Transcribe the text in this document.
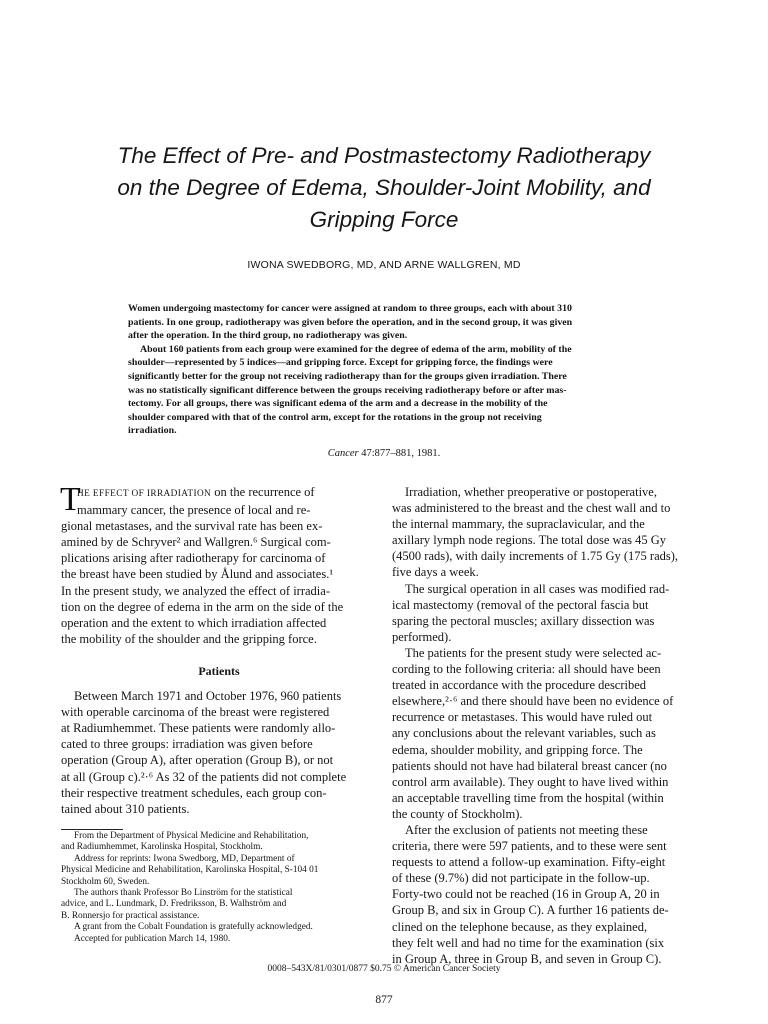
The Effect of Pre- and Postmastectomy Radiotherapy
on the Degree of Edema, Shoulder-Joint Mobility, and
Gripping Force

IWONA SWEDBORG, MD, AND ARNE WALLGREN, MD

Women undergoing mastectomy for cancer were assigned at random to three groups, each with about 310
patients. In one group, radiotherapy was given before the operation, and in the second group, it was given
after the operation. In the third group, no radiotherapy was given.
About 160 patients from each group were examined for the degree of edema of the arm, mobility of the
shoulder—represented by 5 indices—and gripping force. Except for gripping force, the findings were
significantly better for the group not receiving radiotherapy than for the groups given irradiation. There
was no statistically significant difference between the groups receiving radiotherapy before or after mas-
tectomy. For all groups, there was significant edema of the arm and a decrease in the mobility of the
shoulder compared with that of the control arm, except for the rotations in the group not receiving
irradiation.

Cancer 47:877–881, 1981.

T
HE EFFECT OF IRRADIATION on the recurrence of
mammary cancer, the presence of local and re-
gional metastases, and the survival rate has been ex-
amined by de Schryver² and Wallgren.⁶ Surgical com-
plications arising after radiotherapy for carcinoma of
the breast have been studied by Ålund and associates.¹
In the present study, we analyzed the effect of irradia-
tion on the degree of edema in the arm on the side of the
operation and the extent to which irradiation affected
the mobility of the shoulder and the gripping force.
Patients
Between March 1971 and October 1976, 960 patients
with operable carcinoma of the breast were registered
at Radiumhemmet. These patients were randomly allo-
cated to three groups: irradiation was given before
operation (Group A), after operation (Group B), or not
at all (Group c).²·⁶ As 32 of the patients did not complete
their respective treatment schedules, each group con-
tained about 310 patients.
Irradiation, whether preoperative or postoperative,
was administered to the breast and the chest wall and to
the internal mammary, the supraclavicular, and the
axillary lymph node regions. The total dose was 45 Gy
(4500 rads), with daily increments of 1.75 Gy (175 rads),
five days a week.
The surgical operation in all cases was modified rad-
ical mastectomy (removal of the pectoral fascia but
sparing the pectoral muscles; axillary dissection was
performed).
The patients for the present study were selected ac-
cording to the following criteria: all should have been
treated in accordance with the procedure described
elsewhere,²·⁶ and there should have been no evidence of
recurrence or metastases. This would have ruled out
any conclusions about the relevant variables, such as
edema, shoulder mobility, and gripping force. The
patients should not have had bilateral breast cancer (no
control arm available). They ought to have lived within
an acceptable travelling time from the hospital (within
the county of Stockholm).
After the exclusion of patients not meeting these
criteria, there were 597 patients, and to these were sent
requests to attend a follow-up examination. Fifty-eight
of these (9.7%) did not participate in the follow-up.
Forty-two could not be reached (16 in Group A, 20 in
Group B, and six in Group C). A further 16 patients de-
clined on the telephone because, as they explained,
they felt well and had no time for the examination (six
in Group A, three in Group B, and seven in Group C).
From the Department of Physical Medicine and Rehabilitation,
and Radiumhemmet, Karolinska Hospital, Stockholm.
Address for reprints: Iwona Swedborg, MD, Department of
Physical Medicine and Rehabilitation, Karolinska Hospital, S-104 01
Stockholm 60, Sweden.
The authors thank Professor Bo Linström for the statistical
advice, and L. Lundmark, D. Fredriksson, B. Walhström and
B. Ronnersjo for practical assistance.
A grant from the Cobalt Foundation is gratefully acknowledged.
Accepted for publication March 14, 1980.
0008–543X/81/0301/0877 $0.75 © American Cancer Society
877
